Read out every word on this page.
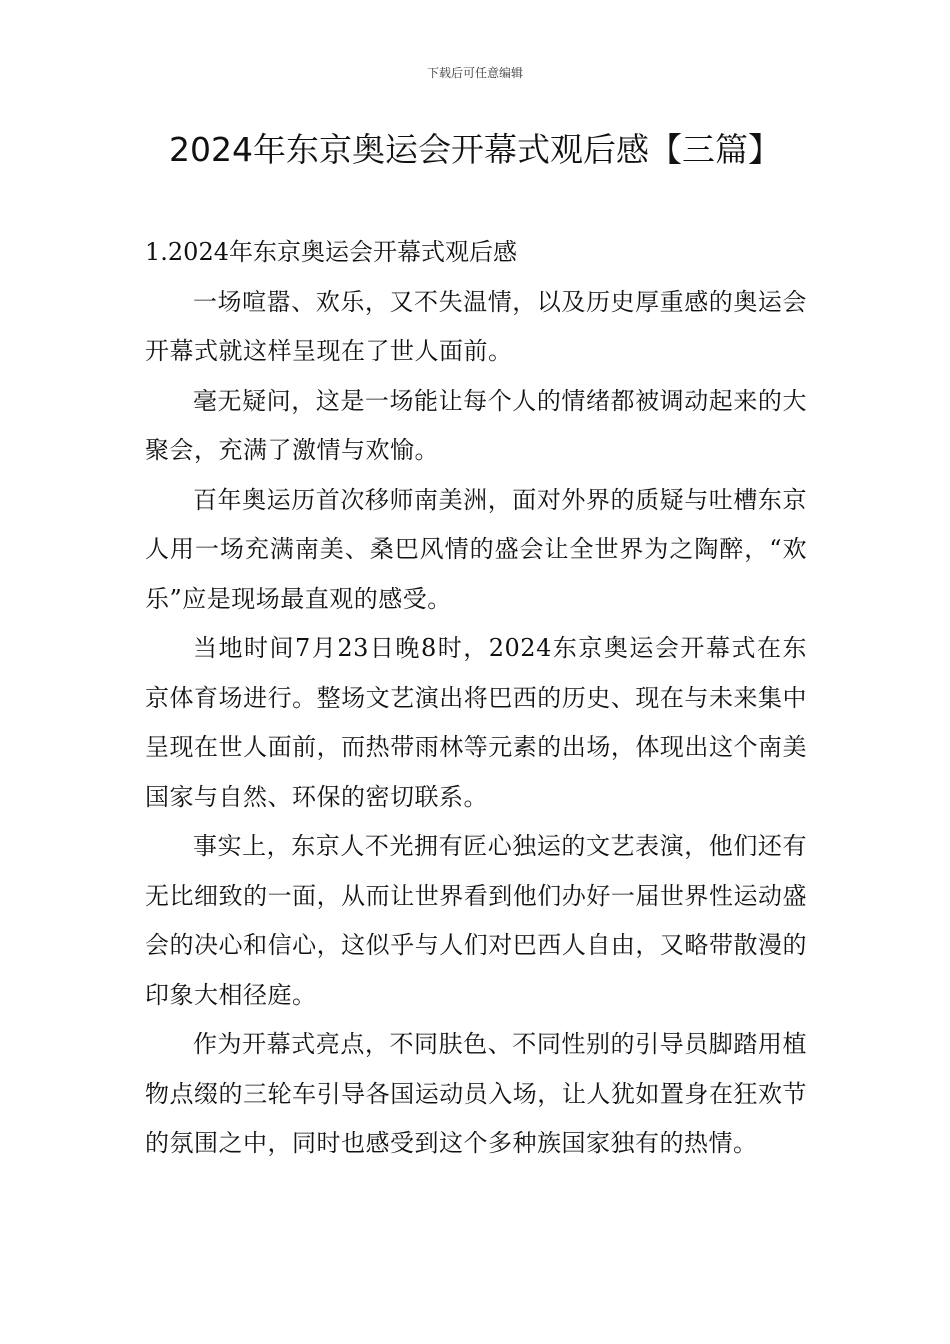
下载后可任意编辑
2024年东京奥运会开幕式观后感【三篇】

1.2024年东京奥运会开幕式观后感

一场喧嚣、欢乐，又不失温情，以及历史厚重感的奥运会开幕式就这样呈现在了世人面前。

毫无疑问，这是一场能让每个人的情绪都被调动起来的大聚会，充满了激情与欢愉。

百年奥运历首次移师南美洲，面对外界的质疑与吐槽东京人用一场充满南美、桑巴风情的盛会让全世界为之陶醉，“欢乐”应是现场最直观的感受。

当地时间7月23日晚8时，2024东京奥运会开幕式在东京体育场进行。整场文艺演出将巴西的历史、现在与未来集中呈现在世人面前，而热带雨林等元素的出场，体现出这个南美国家与自然、环保的密切联系。

事实上，东京人不光拥有匠心独运的文艺表演，他们还有无比细致的一面，从而让世界看到他们办好一届世界性运动盛会的决心和信心，这似乎与人们对巴西人自由，又略带散漫的印象大相径庭。

作为开幕式亮点，不同肤色、不同性别的引导员脚踏用植物点缀的三轮车引导各国运动员入场，让人犹如置身在狂欢节的氛围之中，同时也感受到这个多种族国家独有的热情。
